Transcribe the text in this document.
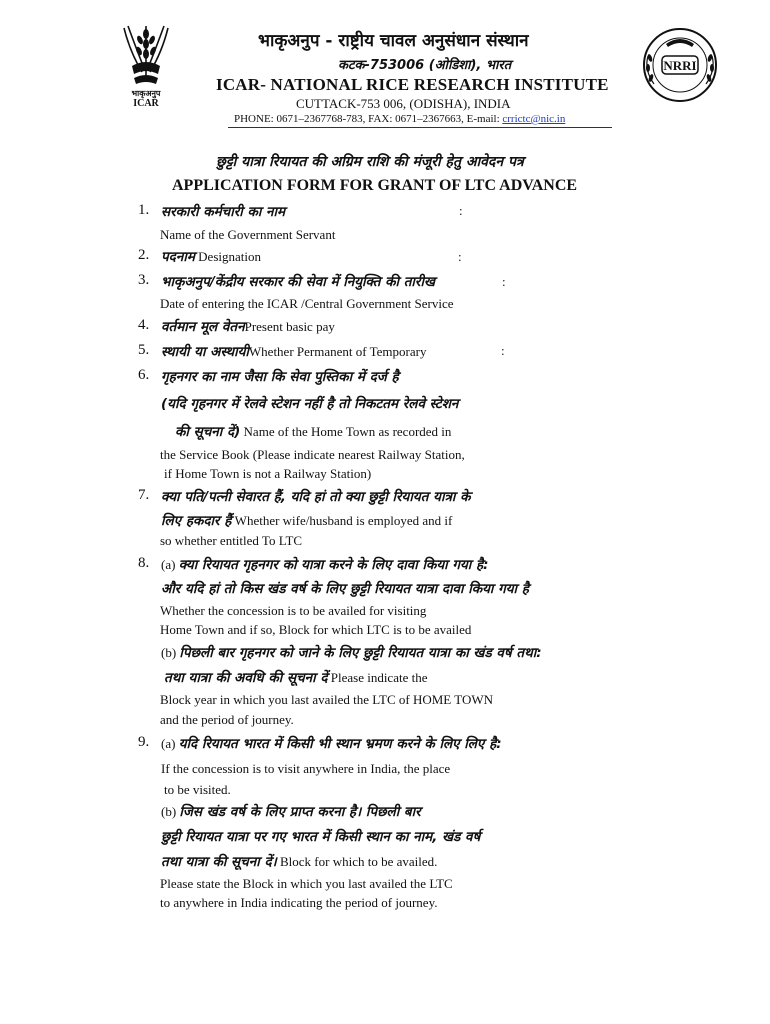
भाकृअनुप
ICAR
NRRI
भाकृअनुप - राष्ट्रीय चावल अनुसंधान संस्थान
कटक-753006 (ओडिशा), भारत
ICAR- NATIONAL RICE RESEARCH INSTITUTE
CUTTACK-753 006, (ODISHA), INDIA
PHONE: 0671–2367768-783, FAX: 0671–2367663, E-mail: crrictc@nic.in
छुट्टी यात्रा रियायत की अग्रिम राशि की मंजूरी हेतु आवेदन पत्र
APPLICATION FORM FOR GRANT OF LTC ADVANCE
1. सरकारी कर्मचारी का नाम	:
Name of the Government Servant
2. पदनाम Designation	:
3. भाकृअनुप/केंद्रीय सरकार की सेवा में नियुक्ति की तारीख	:
Date of entering the ICAR /Central Government Service
4. वर्तमान मूल वेतनPresent basic pay
5. स्थायी या अस्थायीWhether Permanent of Temporary	:
6. गृहनगर का नाम जैसा कि सेवा पुस्तिका में दर्ज है
(यदि गृहनगर में रेलवे स्टेशन नहीं है तो निकटतम रेलवे स्टेशन
की सूचना दें) Name of the Home Town as recorded in
the Service Book (Please indicate nearest Railway Station,
if Home Town is not a Railway Station)
7. क्या पति/पत्नी सेवारत हैं, यदि हां तो क्या छुट्टी रियायत यात्रा के
लिए हकदार हैं Whether wife/husband is employed and if
so whether entitled To LTC
8. (a) क्या रियायत गृहनगर को यात्रा करने के लिए दावा किया गया है:
और यदि हां तो किस खंड वर्ष के लिए छुट्टी रियायत यात्रा दावा किया गया है
Whether the concession is to be availed for visiting
Home Town and if so, Block for which LTC is to be availed
(b) पिछली बार गृहनगर को जाने के लिए छुट्टी रियायत यात्रा का खंड वर्ष तथा:
तथा यात्रा की अवधि की सूचना दें Please indicate the
Block year in which you last availed the LTC of HOME TOWN
and the period of journey.
9. (a) यदि रियायत भारत में किसी भी स्थान भ्रमण करने के लिए लिए है:
If the concession is to visit anywhere in India, the place
to be visited.
(b) जिस खंड वर्ष के लिए प्राप्त करना है। पिछली बार
छुट्टी रियायत यात्रा पर गए भारत में किसी स्थान का नाम, खंड वर्ष
तथा यात्रा की सूचना दें। Block for which to be availed.
Please state the Block in which you last availed the LTC
to anywhere in India indicating the period of journey.
